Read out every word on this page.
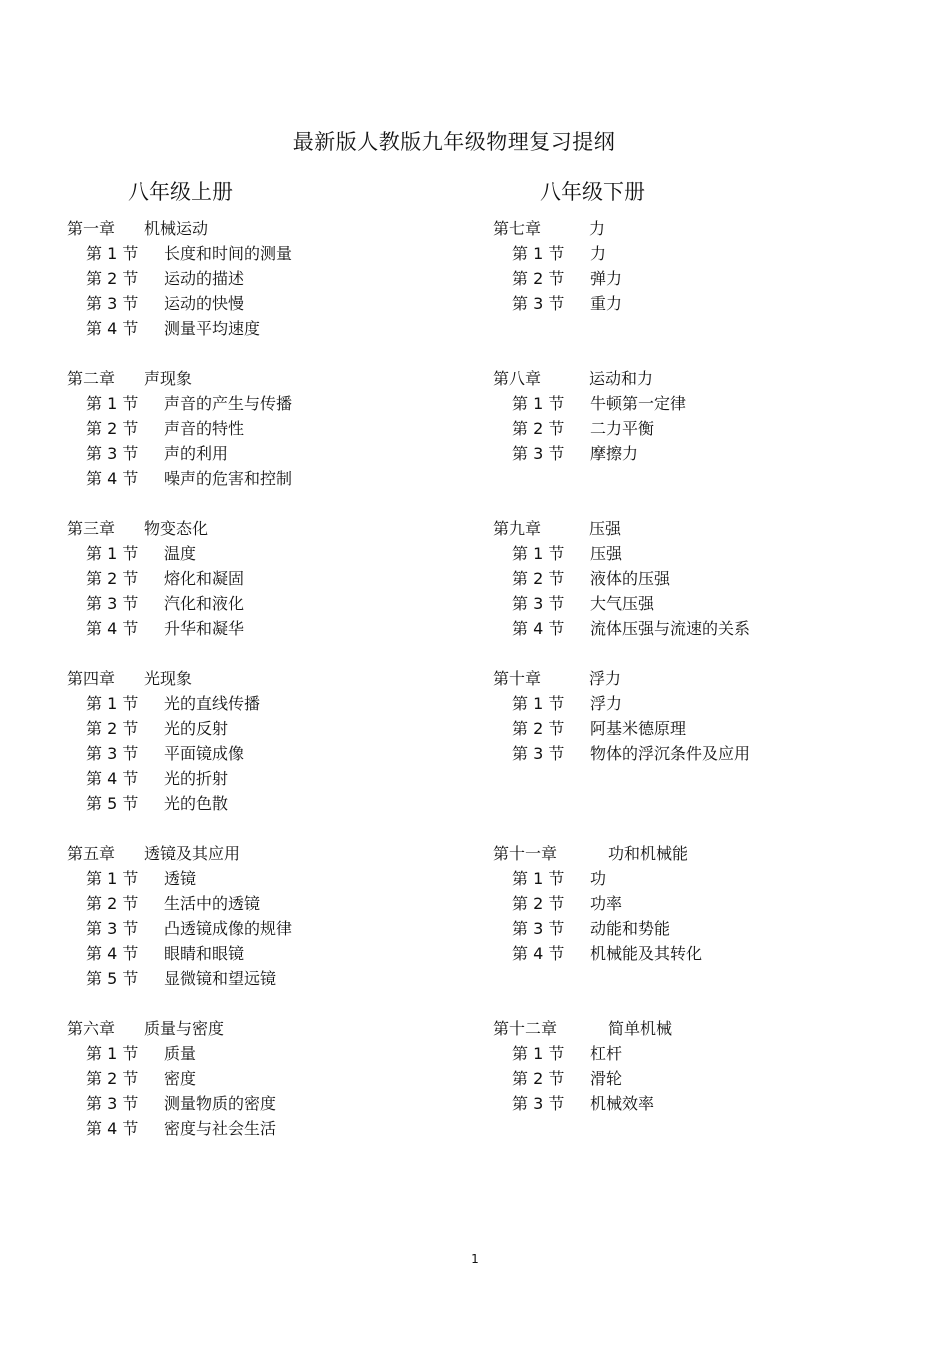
最新版人教版九年级物理复习提纲
八年级上册	八年级下册
第一章 机械运动
第 1 节 长度和时间的测量
第 2 节 运动的描述
第 3 节 运动的快慢
第 4 节 测量平均速度
第二章 声现象
第 1 节 声音的产生与传播
第 2 节 声音的特性
第 3 节 声的利用
第 4 节 噪声的危害和控制
第三章 物变态化
第 1 节 温度
第 2 节 熔化和凝固
第 3 节 汽化和液化
第 4 节 升华和凝华
第四章 光现象
第 1 节 光的直线传播
第 2 节 光的反射
第 3 节 平面镜成像
第 4 节 光的折射
第 5 节 光的色散
第五章 透镜及其应用
第 1 节 透镜
第 2 节 生活中的透镜
第 3 节 凸透镜成像的规律
第 4 节 眼睛和眼镜
第 5 节 显微镜和望远镜
第六章 质量与密度
第 1 节 质量
第 2 节 密度
第 3 节 测量物质的密度
第 4 节 密度与社会生活
第七章	力
第 1 节 力
第 2 节 弹力
第 3 节 重力
第八章	运动和力
第 1 节 牛顿第一定律
第 2 节 二力平衡
第 3 节 摩擦力
第九章	压强
第 1 节 压强
第 2 节 液体的压强
第 3 节 大气压强
第 4 节 流体压强与流速的关系
第十章	浮力
第 1 节 浮力
第 2 节 阿基米德原理
第 3 节 物体的浮沉条件及应用
第十一章	功和机械能
第 1 节 功
第 2 节 功率
第 3 节 动能和势能
第 4 节 机械能及其转化
第十二章	简单机械
第 1 节 杠杆
第 2 节 滑轮
第 3 节 机械效率
1
